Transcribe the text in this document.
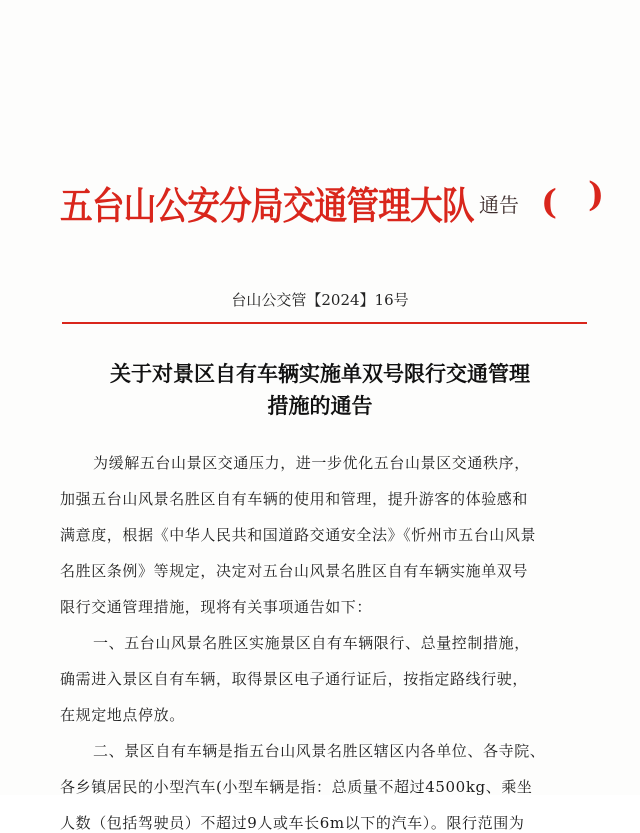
五台山公安分局交通管理大队 (
通告 )
台山公交管【2024】16号
关于对景区自有车辆实施单双号限行交通管理
措施的通告
为缓解五台山景区交通压力，进一步优化五台山景区交通秩序，
加强五台山风景名胜区自有车辆的使用和管理，提升游客的体验感和
满意度，根据《中华人民共和国道路交通安全法》《忻州市五台山风景
名胜区条例》等规定，决定对五台山风景名胜区自有车辆实施单双号
限行交通管理措施，现将有关事项通告如下：
一、五台山风景名胜区实施景区自有车辆限行、总量控制措施，
确需进入景区自有车辆，取得景区电子通行证后，按指定路线行驶，
在规定地点停放。
二、景区自有车辆是指五台山风景名胜区辖区内各单位、各寺院、
各乡镇居民的小型汽车(小型车辆是指：总质量不超过4500kg、乘坐
人数（包括驾驶员）不超过9人或车长6m以下的汽车）。限行范围为
